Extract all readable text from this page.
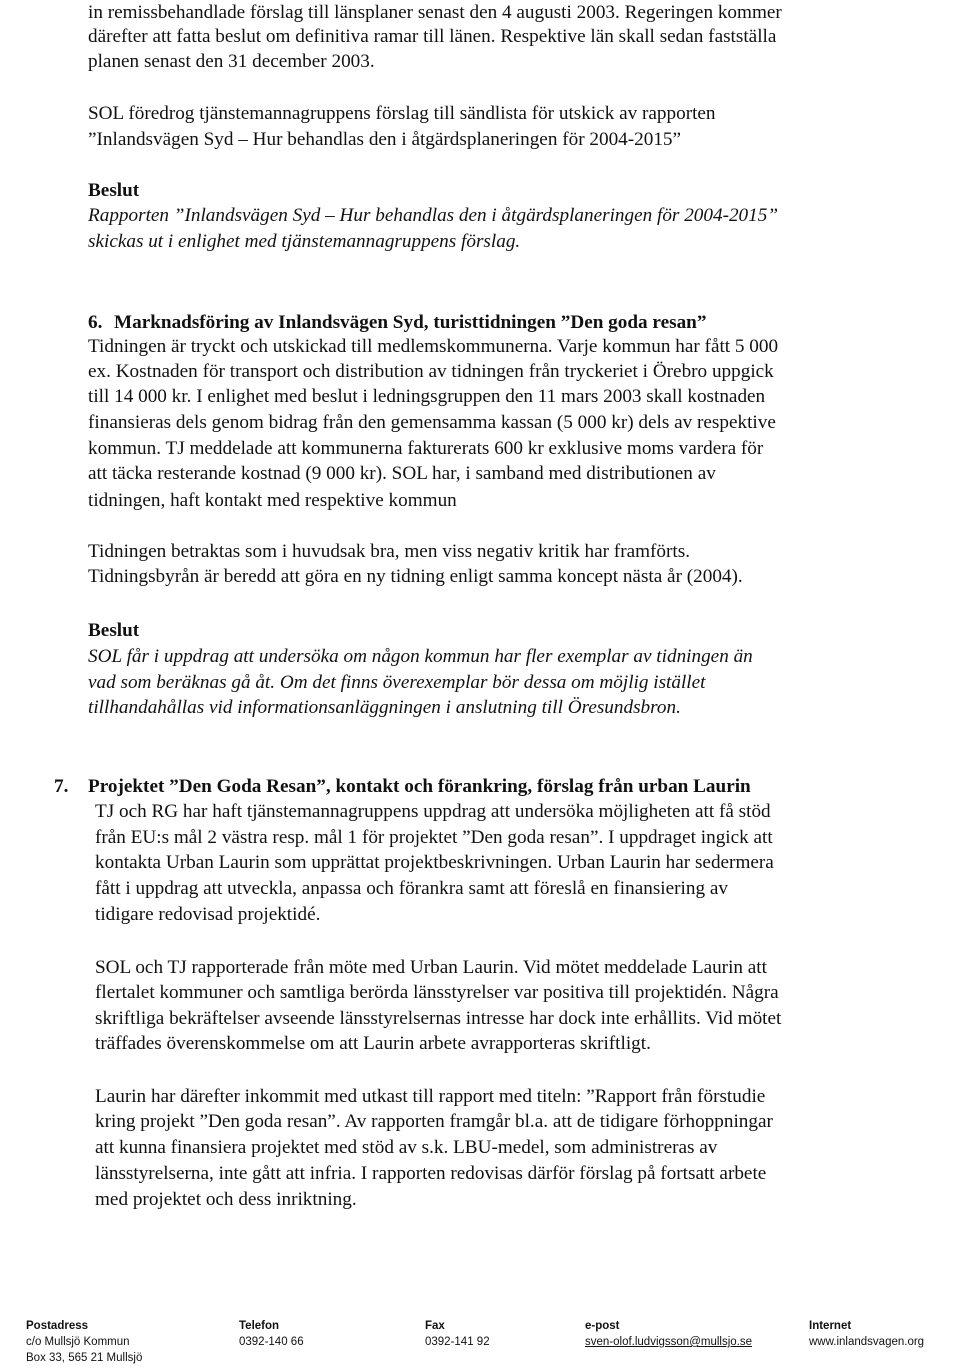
in remissbehandlade förslag till länsplaner senast den 4 augusti 2003. Regeringen kommer
därefter att fatta beslut om definitiva ramar till länen. Respektive län skall sedan fastställa
planen senast den 31 december 2003.
SOL föredrog tjänstemannagruppens förslag till sändlista för utskick av rapporten
”Inlandsvägen Syd – Hur behandlas den i åtgärdsplaneringen för 2004-2015”
Beslut
Rapporten ”Inlandsvägen Syd – Hur behandlas den i åtgärdsplaneringen för 2004-2015”
skickas ut i enlighet med tjänstemannagruppens förslag.
6. Marknadsföring av Inlandsvägen Syd, turisttidningen ”Den goda resan”
Tidningen är tryckt och utskickad till medlemskommunerna. Varje kommun har fått 5 000
ex. Kostnaden för transport och distribution av tidningen från tryckeriet i Örebro uppgick
till 14 000 kr. I enlighet med beslut i ledningsgruppen den 11 mars 2003 skall kostnaden
finansieras dels genom bidrag från den gemensamma kassan (5 000 kr) dels av respektive
kommun. TJ meddelade att kommunerna fakturerats 600 kr exklusive moms vardera för
att täcka resterande kostnad (9 000 kr). SOL har, i samband med distributionen av
tidningen, haft kontakt med respektive kommun
Tidningen betraktas som i huvudsak bra, men viss negativ kritik har framförts.
Tidningsbyrån är beredd att göra en ny tidning enligt samma koncept nästa år (2004).
Beslut
SOL får i uppdrag att undersöka om någon kommun har fler exemplar av tidningen än
vad som beräknas gå åt. Om det finns överexemplar bör dessa om möjlig istället
tillhandahållas vid informationsanläggningen i anslutning till Öresundsbron.
7. Projektet ”Den Goda Resan”, kontakt och förankring, förslag från urban Laurin
TJ och RG har haft tjänstemannagruppens uppdrag att undersöka möjligheten att få stöd
från EU:s mål 2 västra resp. mål 1 för projektet ”Den goda resan”. I uppdraget ingick att
kontakta Urban Laurin som upprättat projektbeskrivningen. Urban Laurin har sedermera
fått i uppdrag att utveckla, anpassa och förankra samt att föreslå en finansiering av
tidigare redovisad projektidé.
SOL och TJ rapporterade från möte med Urban Laurin. Vid mötet meddelade Laurin att
flertalet kommuner och samtliga berörda länsstyrelser var positiva till projektidén. Några
skriftliga bekräftelser avseende länsstyrelsernas intresse har dock inte erhållits. Vid mötet
träffades överenskommelse om att Laurin arbete avrapporteras skriftligt.
Laurin har därefter inkommit med utkast till rapport med titeln: ”Rapport från förstudie
kring projekt ”Den goda resan”. Av rapporten framgår bl.a. att de tidigare förhoppningar
att kunna finansiera projektet med stöd av s.k. LBU-medel, som administreras av
länsstyrelserna, inte gått att infria. I rapporten redovisas därför förslag på fortsatt arbete
med projektet och dess inriktning.
Postadress
c/o Mullsjö Kommun
Box 33, 565 21 Mullsjö
Telefon
0392-140 66
Fax
0392-141 92
e-post
sven-olof.ludvigsson@mullsjo.se
Internet
www.inlandsvagen.org
